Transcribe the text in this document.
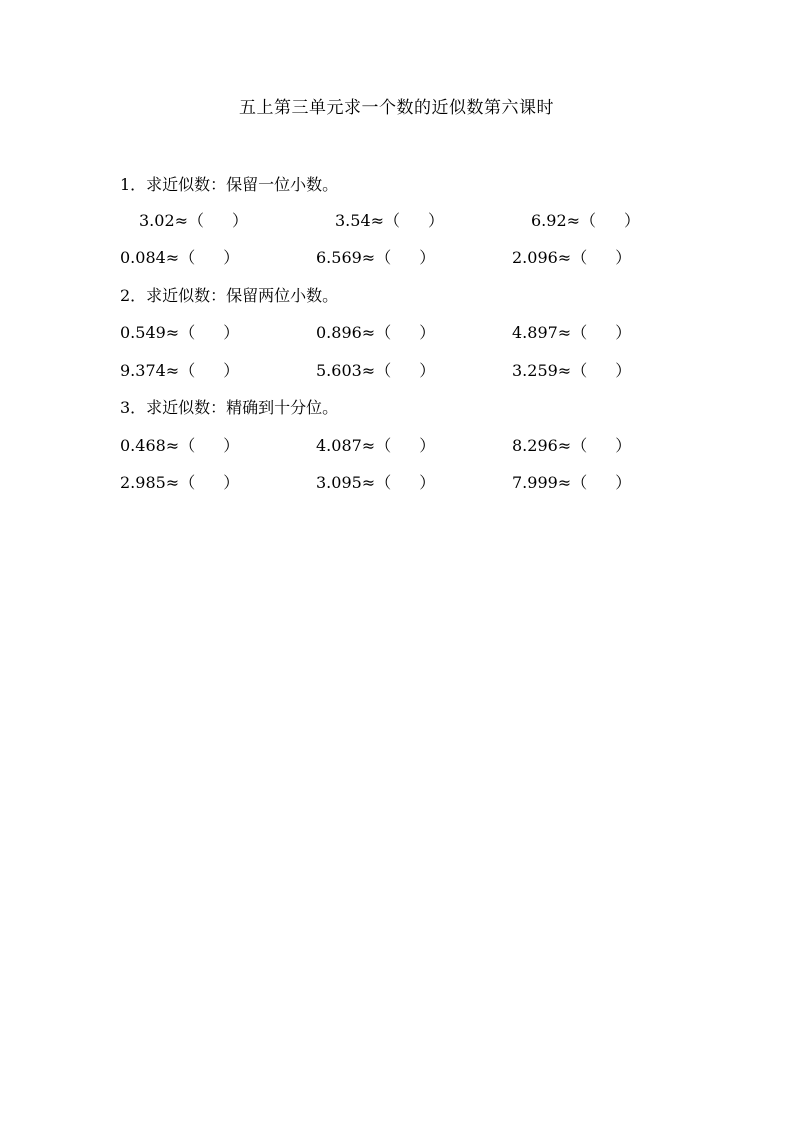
五上第三单元求一个数的近似数第六课时
1．求近似数：保留一位小数。
3.02≈（ ）	3.54≈（ ）	6.92≈（ ）
0.084≈（ ）	6.569≈（ ）	2.096≈（ ）
2．求近似数：保留两位小数。
0.549≈（ ）	0.896≈（ ）	4.897≈（ ）
9.374≈（ ）	5.603≈（ ）	3.259≈（ ）
3．求近似数：精确到十分位。
0.468≈（ ）	4.087≈（ ）	8.296≈（ ）
2.985≈（ ）	3.095≈（ ）	7.999≈（ ）
